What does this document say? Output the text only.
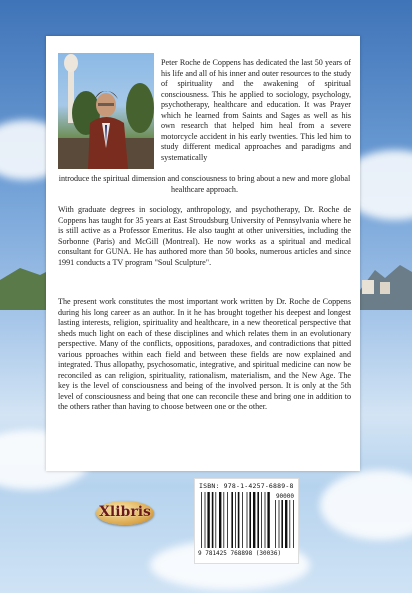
Peter Roche de Coppens has dedicated the last 50 years of his life and all of his inner and outer resources to the study of spirituality and the awakening of spiritual consciousness. This he applied to sociology, psychology, psychotherapy, healthcare and education. It was Prayer which he learned from Saints and Sages as well as his own research that helped him heal from a severe motorcycle accident in his early twenties. This led him to study different medical approaches and paradigms and systematically
introduce the spiritual dimension and consciousness to bring about a new and more global healthcare approach.
With graduate degrees in sociology, anthropology, and psychotherapy, Dr. Roche de Coppens has taught for 35 years at East Stroudsburg University of Pennsylvania where he is still active as a Professor Emeritus. He also taught at other universities, including the Sorbonne (Paris) and McGill (Montreal). He now works as a spiritual and medical consultant for GUNA. He has authored more than 50 books, numerous articles and since 1991 conducts a TV program "Soul Sculpture".
The present work constitutes the most important work written by Dr. Roche de Coppens during his long career as an author. In it he has brought together his deepest and longest lasting interests, religion, spirituality and healthcare, in a new theoretical perspective that sheds much light on each of these disciplines and which relates them in an evolutionary perspective. Many of the conflicts, oppositions, paradoxes, and contradictions that pitted various pproaches within each field and between these fields are now explained and integrated. Thus allopathy, psychosomatic, integrative, and spiritual medicine can now be reconciled as can religion, spirituality, rationalism, materialism, and the New Age. The key is the level of consciousness and being of the involved person. It is only at the 5th level of consciousness and being that one can reconcile these and bring one in addition to the others rather than having to choose between one or the other.
Xlibris
ISBN: 978-1-4257-6889-8
90000
9 781425 768898 (30036)
